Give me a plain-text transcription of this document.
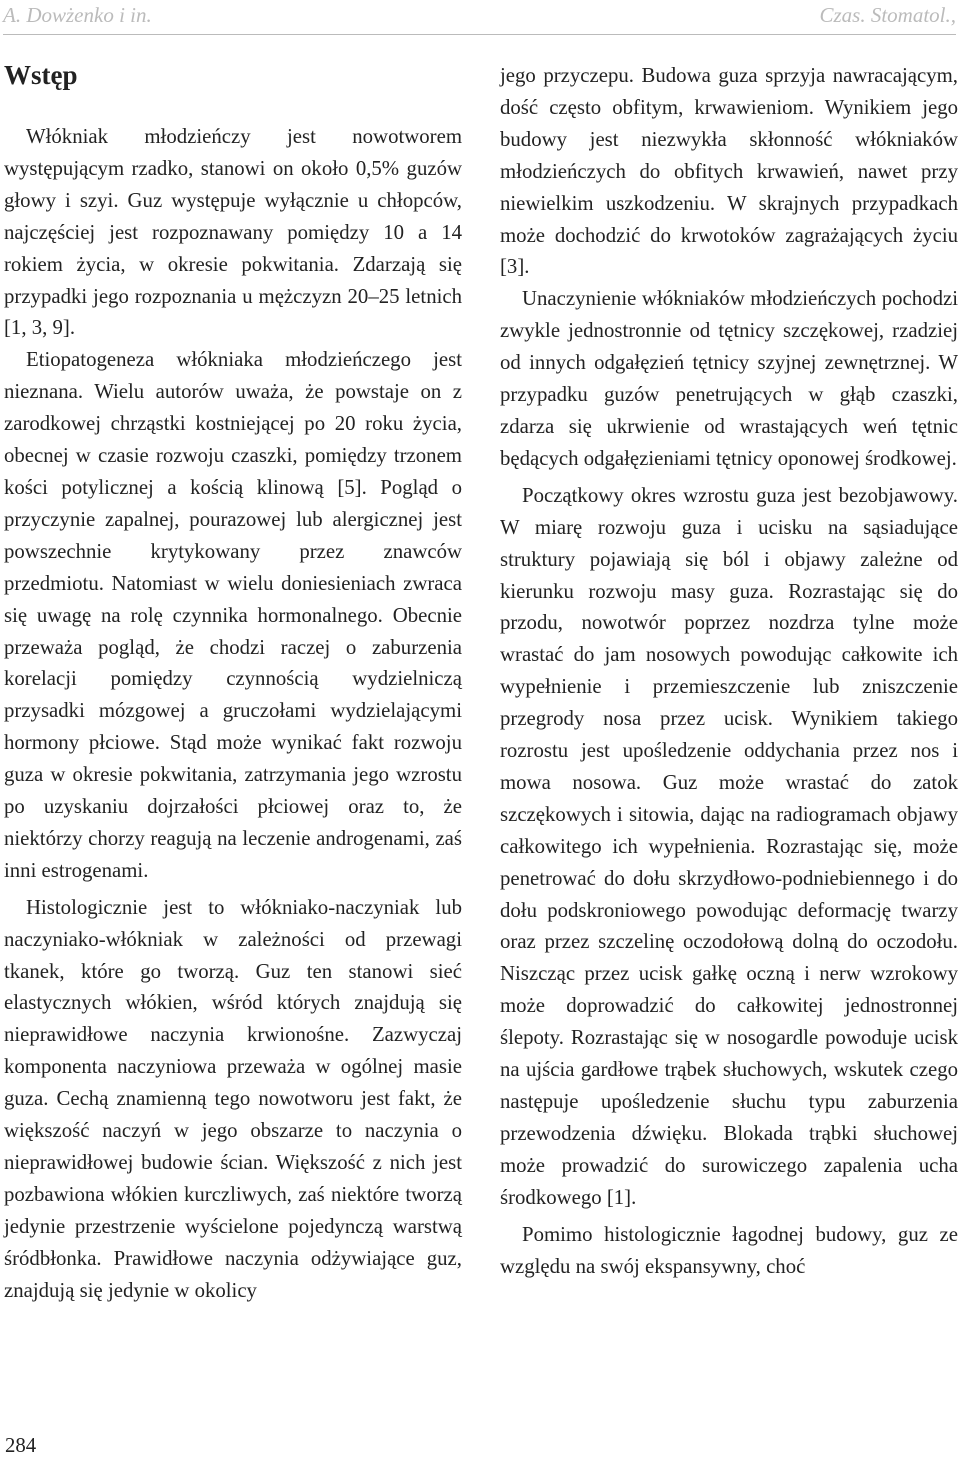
A. Dowżenko i in.	Czas. Stomatol.,
Wstęp

Włókniak młodzieńczy jest nowotworem występującym rzadko, stanowi on około 0,5% guzów głowy i szyi. Guz występuje wyłącznie u chłopców, najczęściej jest rozpoznawany pomiędzy 10 a 14 rokiem życia, w okresie pokwitania. Zdarzają się przypadki jego rozpoznania u mężczyzn 20–25 letnich [1, 3, 9].

Etiopatogeneza włókniaka młodzieńczego jest nieznana. Wielu autorów uważa, że powstaje on z zarodkowej chrząstki kostniejącej po 20 roku życia, obecnej w czasie rozwoju czaszki, pomiędzy trzonem kości potylicznej a kością klinową [5]. Pogląd o przyczynie zapalnej, pourazowej lub alergicznej jest powszechnie krytykowany przez znawców przedmiotu. Natomiast w wielu doniesieniach zwraca się uwagę na rolę czynnika hormonalnego. Obecnie przeważa pogląd, że chodzi raczej o zaburzenia korelacji pomiędzy czynnością wydzielniczą przysadki mózgowej a gruczołami wydzielającymi hormony płciowe. Stąd może wynikać fakt rozwoju guza w okresie pokwitania, zatrzymania jego wzrostu po uzyskaniu dojrzałości płciowej oraz to, że niektórzy chorzy reagują na leczenie androgenami, zaś inni estrogenami.

Histologicznie jest to włókniako-naczyniak lub naczyniako-włókniak w zależności od przewagi tkanek, które go tworzą. Guz ten stanowi sieć elastycznych włókien, wśród których znajdują się nieprawidłowe naczynia krwionośne. Zazwyczaj komponenta naczyniowa przeważa w ogólnej masie guza. Cechą znamienną tego nowotworu jest fakt, że większość naczyń w jego obszarze to naczynia o nieprawidłowej budowie ścian. Większość z nich jest pozbawiona włókien kurczliwych, zaś niektóre tworzą jedynie przestrzenie wyścielone pojedynczą warstwą śródbłonka. Prawidłowe naczynia odżywiające guz, znajdują się jedynie w okolicy

jego przyczepu. Budowa guza sprzyja nawracającym, dość często obfitym, krwawieniom. Wynikiem jego budowy jest niezwykła skłonność włókniaków młodzieńczych do obfitych krwawień, nawet przy niewielkim uszkodzeniu. W skrajnych przypadkach może dochodzić do krwotoków zagrażających życiu [3].

Unaczynienie włókniaków młodzieńczych pochodzi zwykle jednostronnie od tętnicy szczękowej, rzadziej od innych odgałęzień tętnicy szyjnej zewnętrznej. W przypadku guzów penetrujących w głąb czaszki, zdarza się ukrwienie od wrastających weń tętnic będących odgałęzieniami tętnicy oponowej środkowej.

Początkowy okres wzrostu guza jest bezobjawowy. W miarę rozwoju guza i ucisku na sąsiadujące struktury pojawiają się ból i objawy zależne od kierunku rozwoju masy guza. Rozrastając się do przodu, nowotwór poprzez nozdrza tylne może wrastać do jam nosowych powodując całkowite ich wypełnienie i przemieszczenie lub zniszczenie przegrody nosa przez ucisk. Wynikiem takiego rozrostu jest upośledzenie oddychania przez nos i mowa nosowa. Guz może wrastać do zatok szczękowych i sitowia, dając na radiogramach objawy całkowitego ich wypełnienia. Rozrastając się, może penetrować do dołu skrzydłowo-podniebiennego i do dołu podskroniowego powodując deformację twarzy oraz przez szczelinę oczodołową dolną do oczodołu. Niszcząc przez ucisk gałkę oczną i nerw wzrokowy może doprowadzić do całkowitej jednostronnej ślepoty. Rozrastając się w nosogardle powoduje ucisk na ujścia gardłowe trąbek słuchowych, wskutek czego następuje upośledzenie słuchu typu zaburzenia przewodzenia dźwięku. Blokada trąbki słuchowej może prowadzić do surowiczego zapalenia ucha środkowego [1].

Pomimo histologicznie łagodnej budowy, guz ze względu na swój ekspansywny, choć

284
